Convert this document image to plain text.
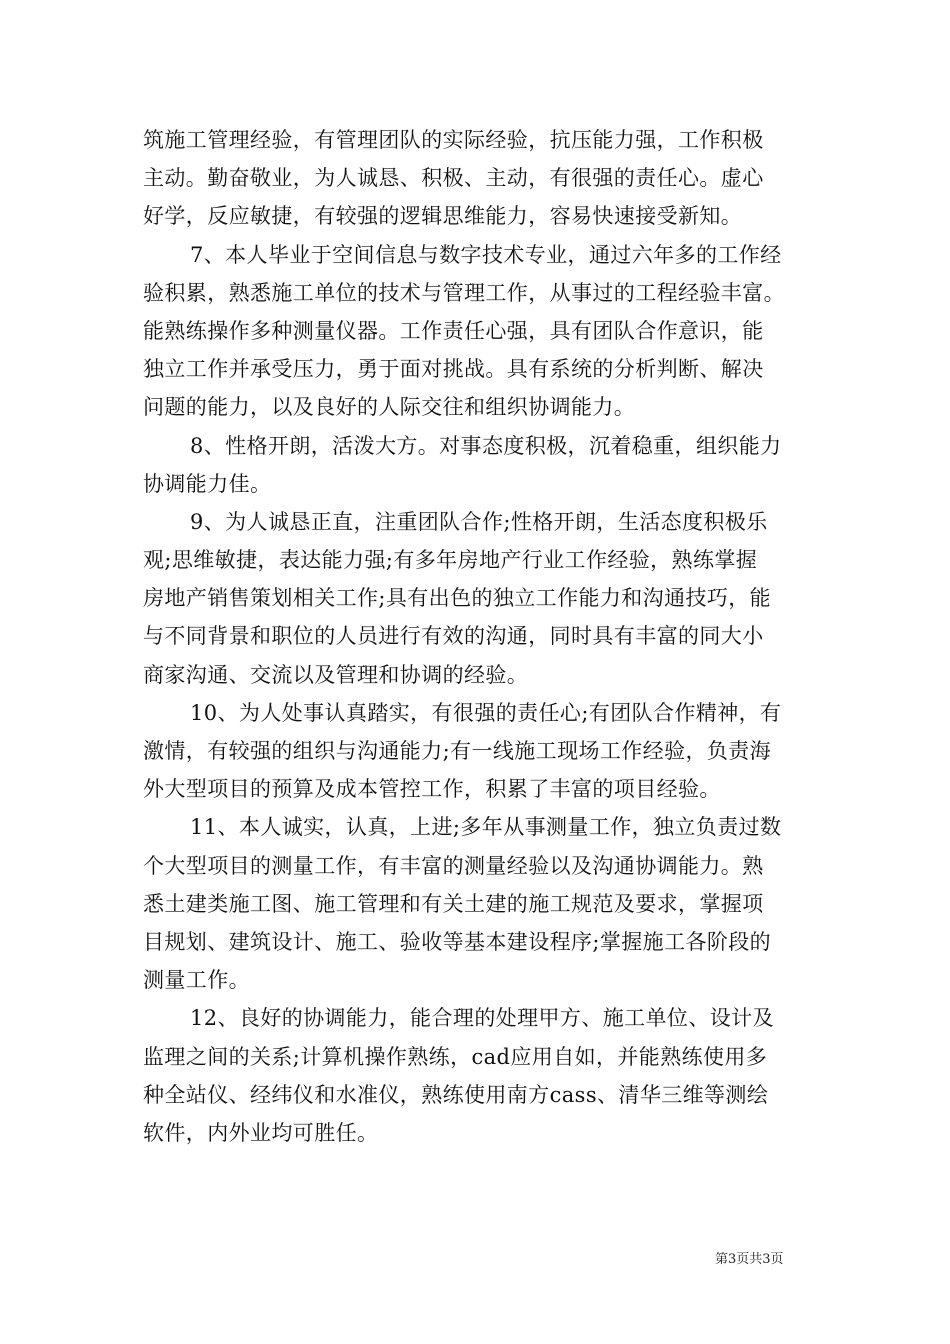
筑施工管理经验，有管理团队的实际经验，抗压能力强，工作积极
主动。勤奋敬业，为人诚恳、积极、主动，有很强的责任心。虚心
好学，反应敏捷，有较强的逻辑思维能力，容易快速接受新知。
7、本人毕业于空间信息与数字技术专业，通过六年多的工作经
验积累，熟悉施工单位的技术与管理工作，从事过的工程经验丰富。
能熟练操作多种测量仪器。工作责任心强，具有团队合作意识，能
独立工作并承受压力，勇于面对挑战。具有系统的分析判断、解决
问题的能力，以及良好的人际交往和组织协调能力。
8、性格开朗，活泼大方。对事态度积极，沉着稳重，组织能力
协调能力佳。
9、为人诚恳正直，注重团队合作;性格开朗，生活态度积极乐
观;思维敏捷，表达能力强;有多年房地产行业工作经验，熟练掌握
房地产销售策划相关工作;具有出色的独立工作能力和沟通技巧，能
与不同背景和职位的人员进行有效的沟通，同时具有丰富的同大小
商家沟通、交流以及管理和协调的经验。
10、为人处事认真踏实，有很强的责任心;有团队合作精神，有
激情，有较强的组织与沟通能力;有一线施工现场工作经验，负责海
外大型项目的预算及成本管控工作，积累了丰富的项目经验。
11、本人诚实，认真，上进;多年从事测量工作，独立负责过数
个大型项目的测量工作，有丰富的测量经验以及沟通协调能力。熟
悉土建类施工图、施工管理和有关土建的施工规范及要求，掌握项
目规划、建筑设计、施工、验收等基本建设程序;掌握施工各阶段的
测量工作。
12、良好的协调能力，能合理的处理甲方、施工单位、设计及
监理之间的关系;计算机操作熟练，cad应用自如，并能熟练使用多
种全站仪、经纬仪和水准仪，熟练使用南方cass、清华三维等测绘
软件，内外业均可胜任。
第3页共3页
